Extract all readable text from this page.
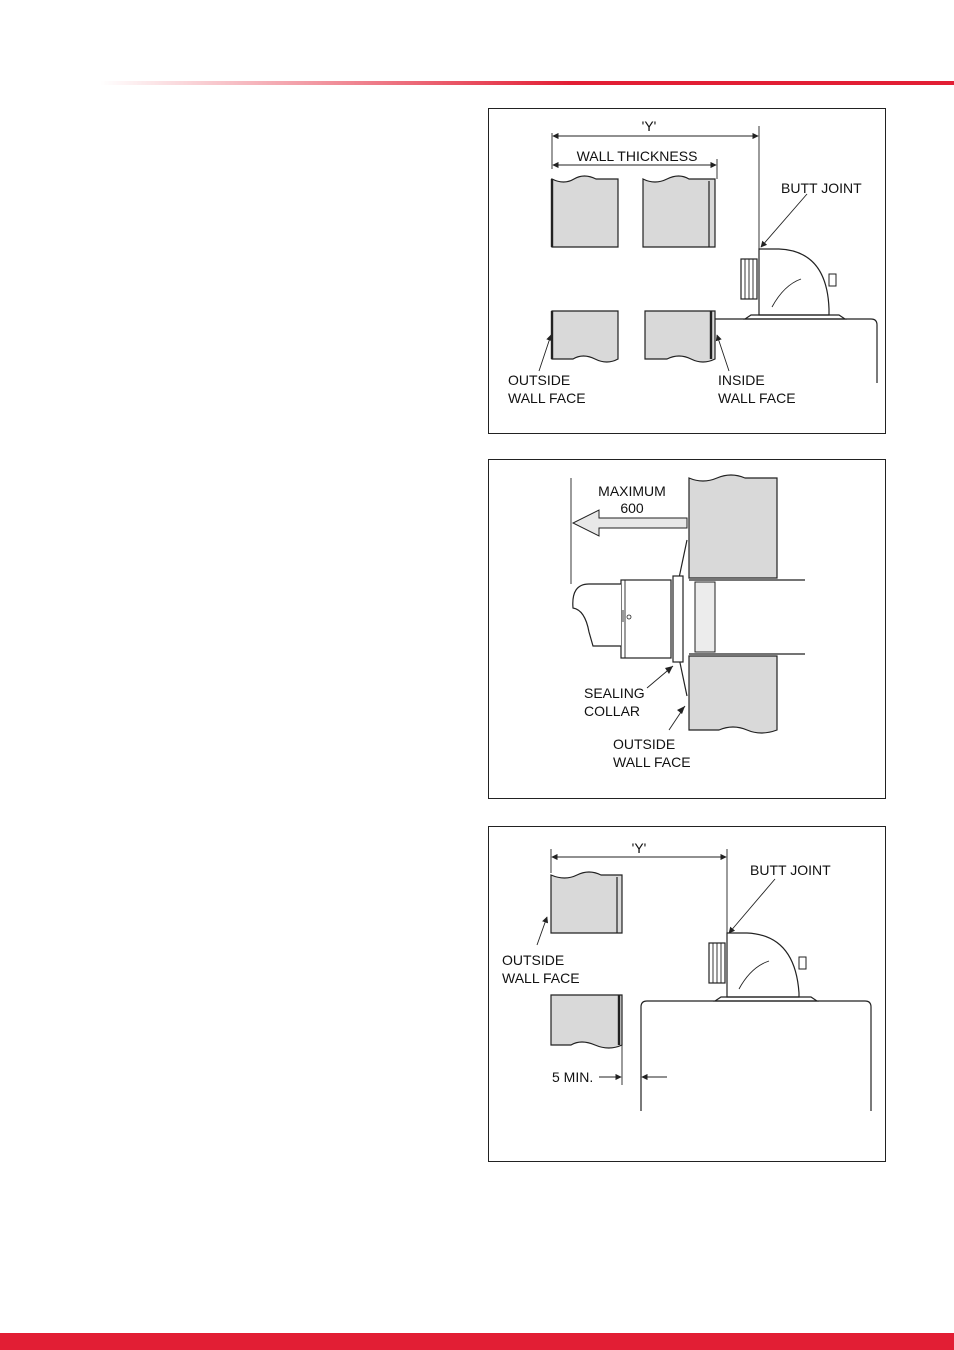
'Y'
WALL THICKNESS
BUTT JOINT
OUTSIDE
WALL FACE
INSIDE
WALL FACE
MAXIMUM
600
SEALING
COLLAR
OUTSIDE
WALL FACE
'Y'
BUTT JOINT
OUTSIDE
WALL FACE
5 MIN.
